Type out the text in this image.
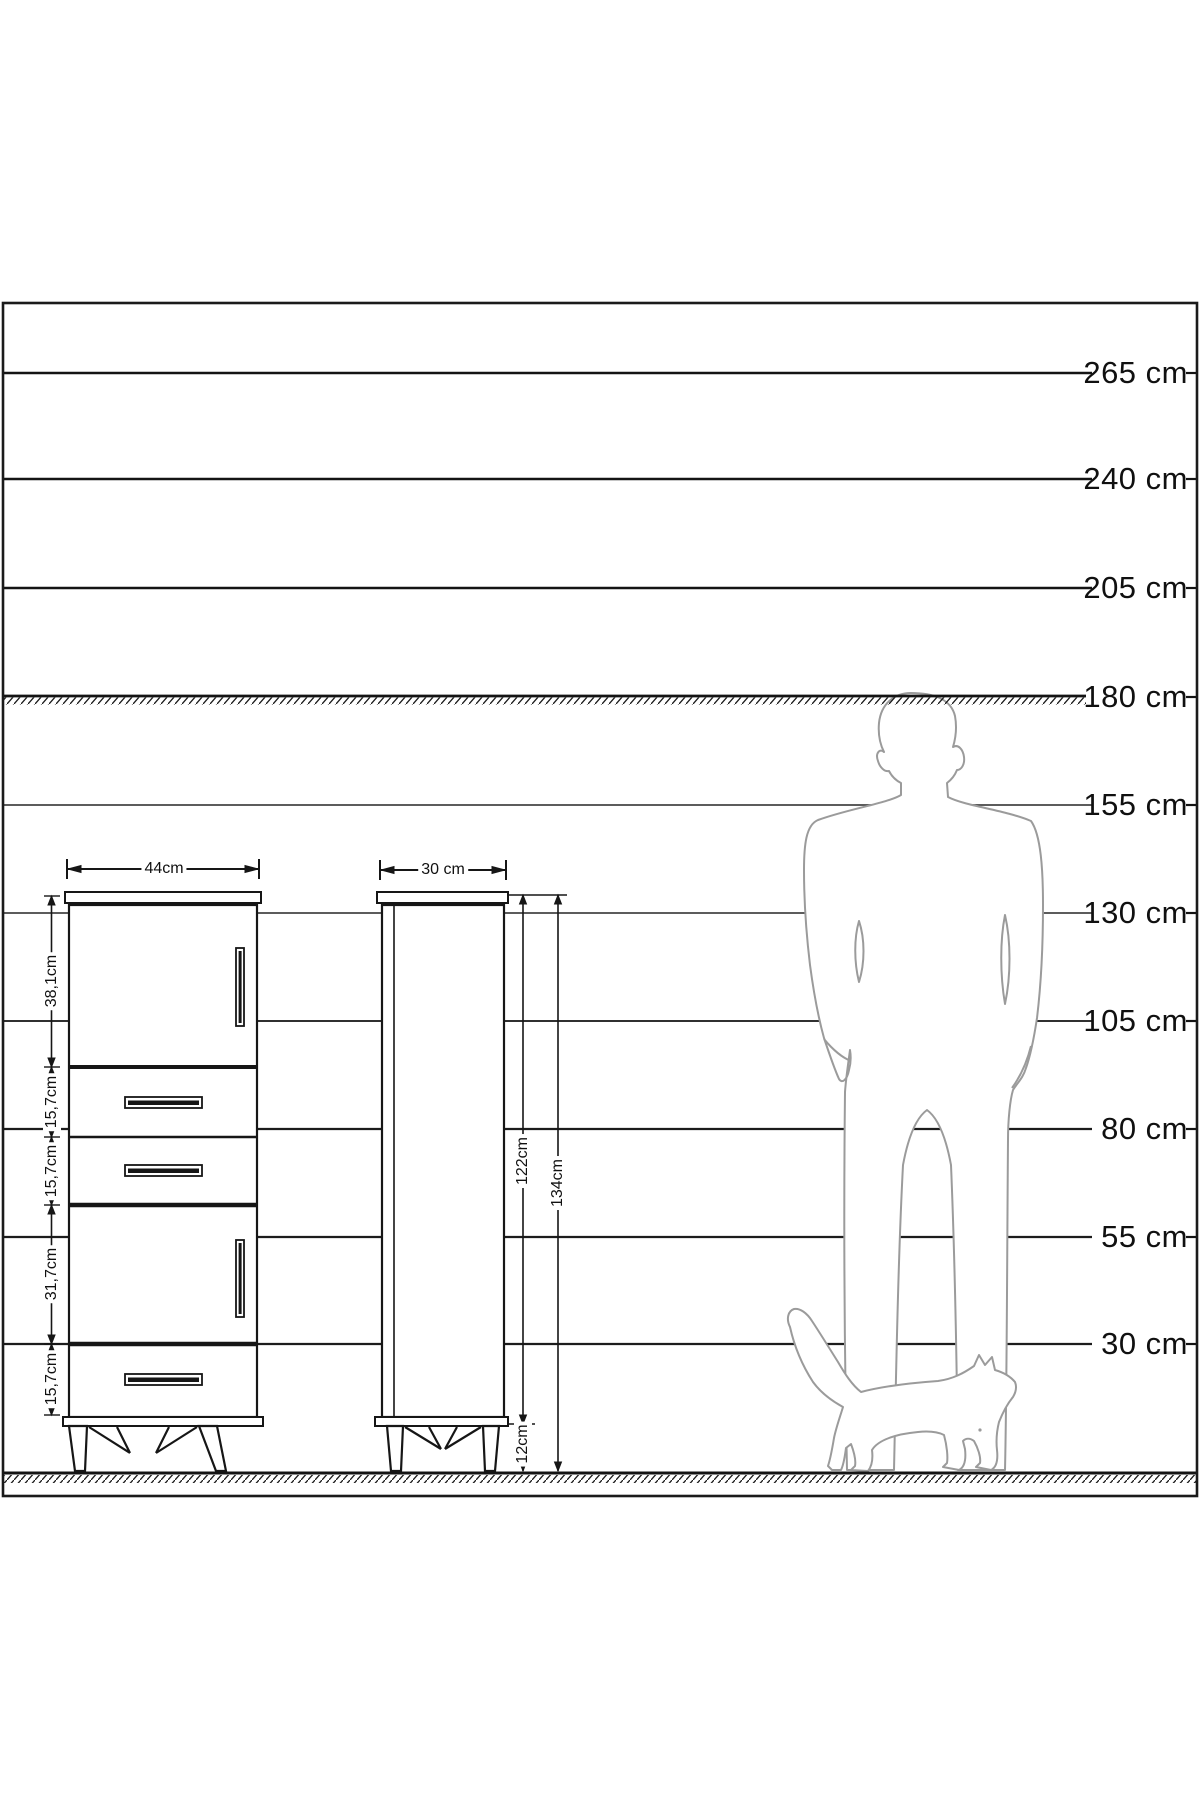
265 cm
240 cm
205 cm
180 cm
155 cm
130 cm
105 cm
80 cm
55 cm
30 cm
44cm	30 cm
38,1cm
15,7cm
15,7cm
31,7cm
15,7cm
122cm 134cm
12cm
